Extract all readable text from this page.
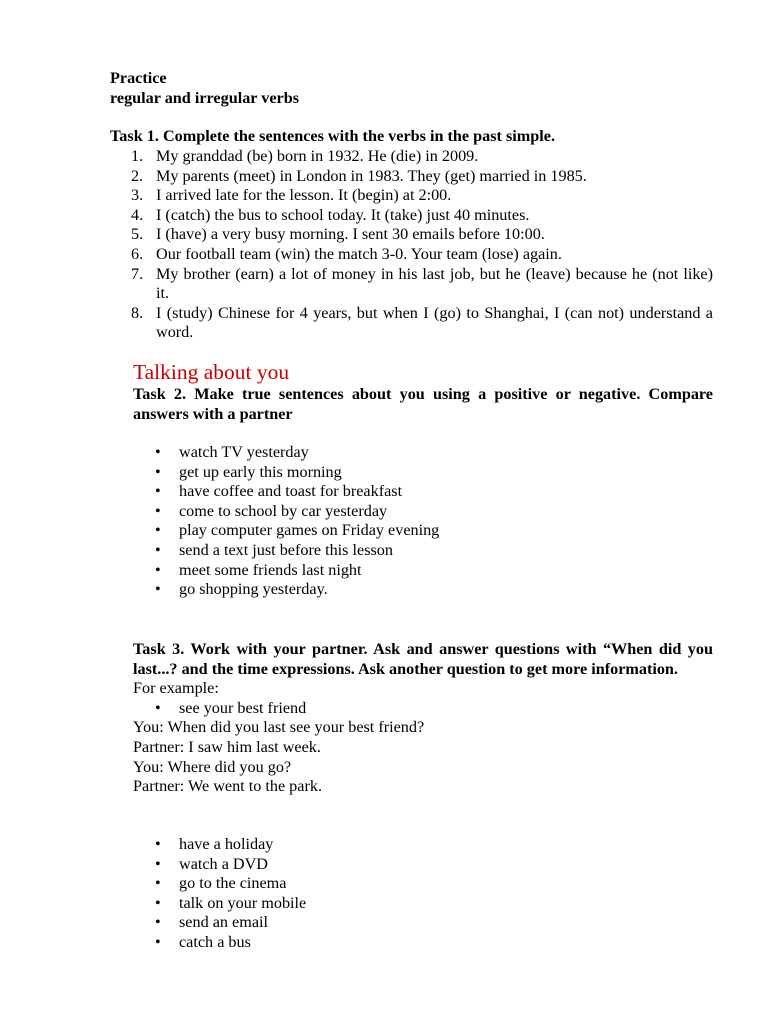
Practice
regular and irregular verbs
Task 1. Complete the sentences with the verbs in the past simple.
1. My granddad (be) born in 1932. He (die) in 2009.
2. My parents (meet) in London in 1983. They (get) married in 1985.
3. I arrived late for the lesson. It (begin) at 2:00.
4. I (catch) the bus to school today. It (take) just 40 minutes.
5. I (have) a very busy morning. I sent 30 emails before 10:00.
6. Our football team (win) the match 3-0. Your team (lose) again.
7. My brother (earn) a lot of money in his last job, but he (leave) because he (not like) it.
8. I (study) Chinese for 4 years, but when I (go) to Shanghai, I (can not) understand a word.
Talking about you
Task 2. Make true sentences about you using a positive or negative. Compare answers with a partner
• watch TV yesterday
• get up early this morning
• have coffee and toast for breakfast
• come to school by car yesterday
• play computer games on Friday evening
• send a text just before this lesson
• meet some friends last night
• go shopping yesterday.
Task 3. Work with your partner. Ask and answer questions with “When did you last...? and the time expressions. Ask another question to get more information.
For example:
• see your best friend
You: When did you last see your best friend?
Partner: I saw him last week.
You: Where did you go?
Partner: We went to the park.
• have a holiday
• watch a DVD
• go to the cinema
• talk on your mobile
• send an email
• catch a bus
